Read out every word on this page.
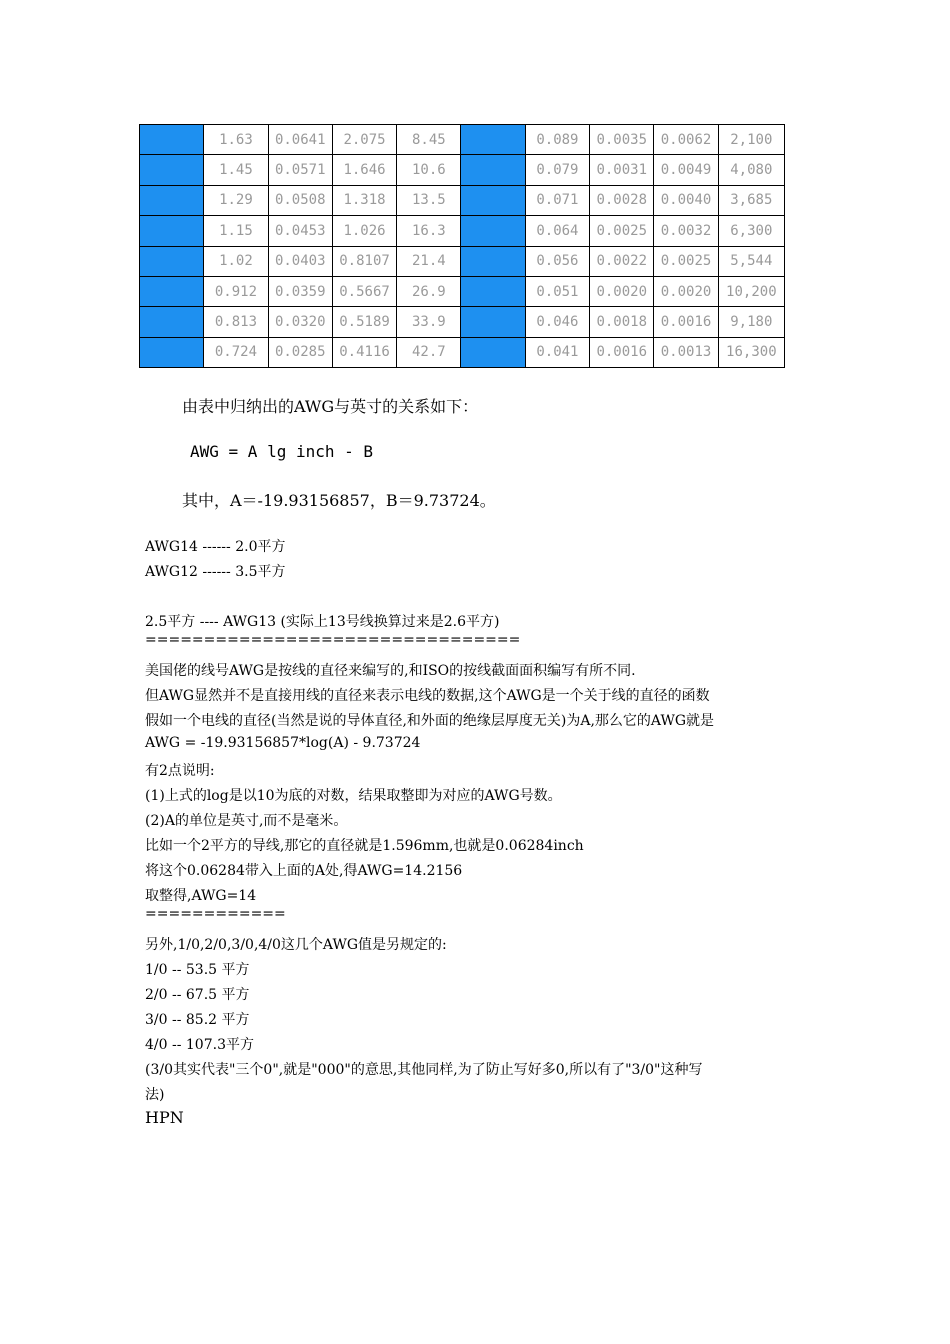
	1.63	0.0641	2.075	8.45		0.089	0.0035	0.0062	2,100
	1.45	0.0571	1.646	10.6		0.079	0.0031	0.0049	4,080
	1.29	0.0508	1.318	13.5		0.071	0.0028	0.0040	3,685
	1.15	0.0453	1.026	16.3		0.064	0.0025	0.0032	6,300
	1.02	0.0403	0.8107	21.4		0.056	0.0022	0.0025	5,544
	0.912	0.0359	0.5667	26.9		0.051	0.0020	0.0020	10,200
	0.813	0.0320	0.5189	33.9		0.046	0.0018	0.0016	9,180
	0.724	0.0285	0.4116	42.7		0.041	0.0016	0.0013	16,300
由表中归纳出的AWG与英寸的关系如下：
AWG = A lg inch - B
其中，A＝-19.93156857，B＝9.73724。
AWG14 ------ 2.0平方
AWG12 ------ 3.5平方
2.5平方 ---- AWG13 (实际上13号线换算过来是2.6平方)
================================
美国佬的线号AWG是按线的直径来编写的,和ISO的按线截面面积编写有所不同.
但AWG显然并不是直接用线的直径来表示电线的数据,这个AWG是一个关于线的直径的函数
假如一个电线的直径(当然是说的导体直径,和外面的绝缘层厚度无关)为A,那么它的AWG就是
AWG = -19.93156857*log(A) - 9.73724
有2点说明:
(1)上式的log是以10为底的对数，结果取整即为对应的AWG号数。
(2)A的单位是英寸,而不是毫米。
比如一个2平方的导线,那它的直径就是1.596mm,也就是0.06284inch
将这个0.06284带入上面的A处,得AWG=14.2156
取整得,AWG=14
============
另外,1/0,2/0,3/0,4/0这几个AWG值是另规定的:
1/0 -- 53.5 平方
2/0 -- 67.5 平方
3/0 -- 85.2 平方
4/0 -- 107.3平方
(3/0其实代表"三个0",就是"000"的意思,其他同样,为了防止写好多0,所以有了"3/0"这种写
法)
HPN
